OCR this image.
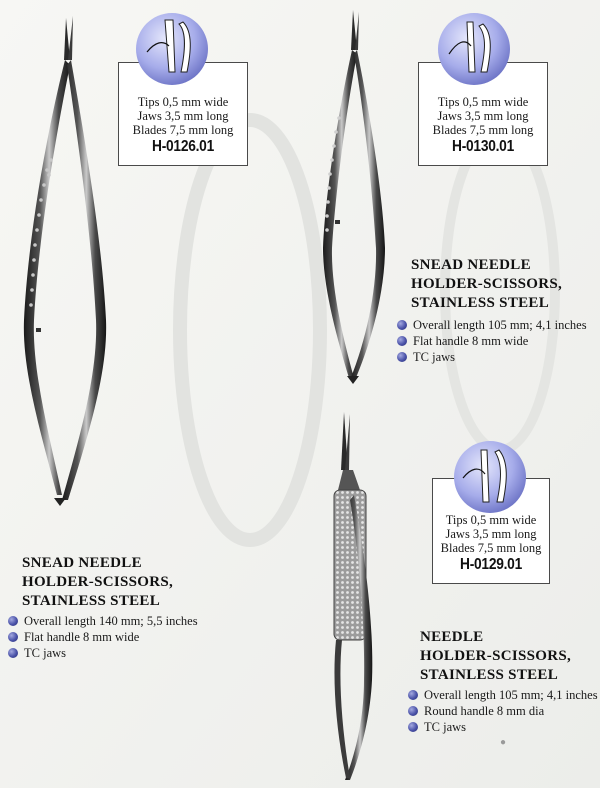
●
Tips 0,5 mm wide
Jaws 3,5 mm long
Blades 7,5 mm long
H-0126.01
Tips 0,5 mm wide
Jaws 3,5 mm long
Blades 7,5 mm long
H-0130.01
Tips 0,5 mm wide
Jaws 3,5 mm long
Blades 7,5 mm long
H-0129.01
SNEAD NEEDLE
HOLDER-SCISSORS,
STAINLESS STEEL
Overall length 105 mm; 4,1 inches
Flat handle 8 mm wide
TC jaws
SNEAD NEEDLE
HOLDER-SCISSORS,
STAINLESS STEEL
Overall length 140 mm; 5,5 inches
Flat handle 8 mm wide
TC jaws
NEEDLE
HOLDER-SCISSORS,
STAINLESS STEEL
Overall length 105 mm; 4,1 inches
Round handle 8 mm dia
TC jaws
